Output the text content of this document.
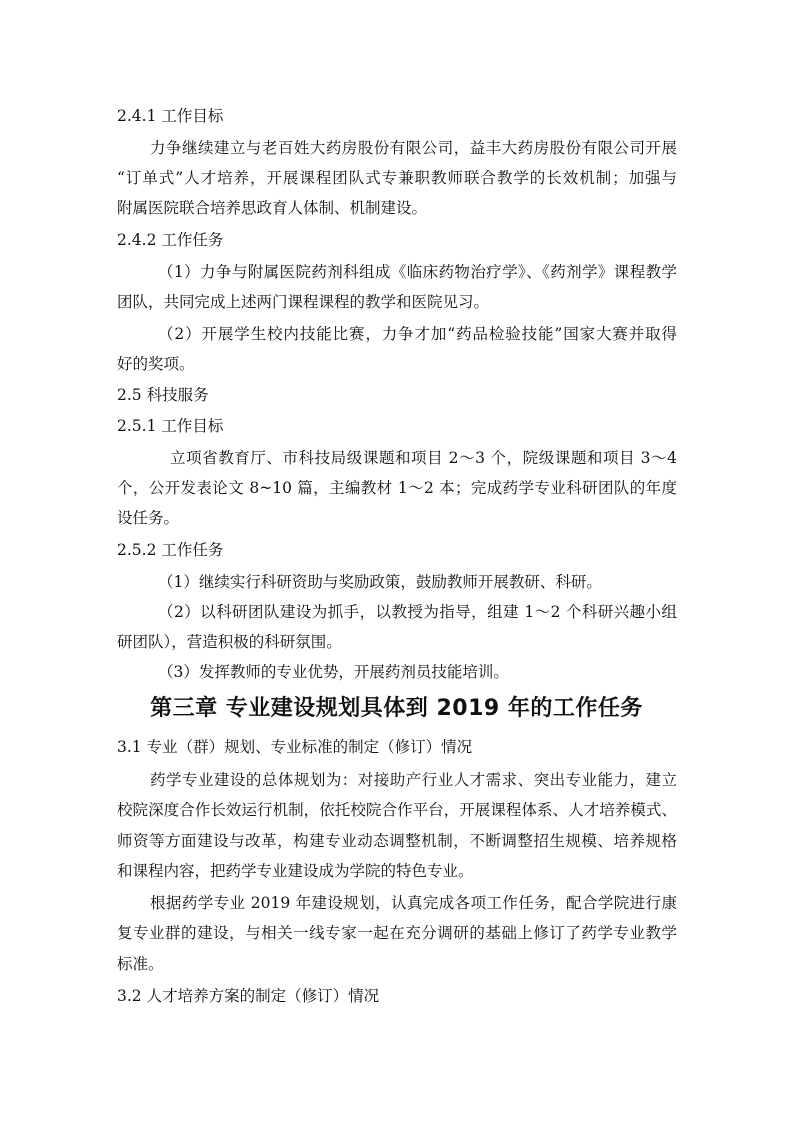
2.4.1 工作目标
力争继续建立与老百姓大药房股份有限公司，益丰大药房股份有限公司开展
“订单式”人才培养，开展课程团队式专兼职教师联合教学的长效机制；加强与
附属医院联合培养思政育人体制、机制建设。
2.4.2 工作任务
（1）力争与附属医院药剂科组成《临床药物治疗学》、《药剂学》课程教学
团队，共同完成上述两门课程课程的教学和医院见习。
（2）开展学生校内技能比赛，力争才加“药品检验技能”国家大赛并取得
好的奖项。
2.5 科技服务
2.5.1 工作目标
立项省教育厅、市科技局级课题和项目 2～3 个，院级课题和项目 3～4
个，公开发表论文 8~10 篇，主编教材 1～2 本；完成药学专业科研团队的年度
设任务。
2.5.2 工作任务
（1）继续实行科研资助与奖励政策，鼓励教师开展教研、科研。
（2）以科研团队建设为抓手，以教授为指导，组建 1～2 个科研兴趣小组
研团队），营造积极的科研氛围。
（3）发挥教师的专业优势，开展药剂员技能培训。
第三章 专业建设规划具体到 2019 年的工作任务
3.1 专业（群）规划、专业标准的制定（修订）情况
药学专业建设的总体规划为：对接助产行业人才需求、突出专业能力，建立
校院深度合作长效运行机制，依托校院合作平台，开展课程体系、人才培养模式、
师资等方面建设与改革，构建专业动态调整机制，不断调整招生规模、培养规格
和课程内容，把药学专业建设成为学院的特色专业。
根据药学专业 2019 年建设规划，认真完成各项工作任务，配合学院进行康
复专业群的建设，与相关一线专家一起在充分调研的基础上修订了药学专业教学
标准。
3.2 人才培养方案的制定（修订）情况
